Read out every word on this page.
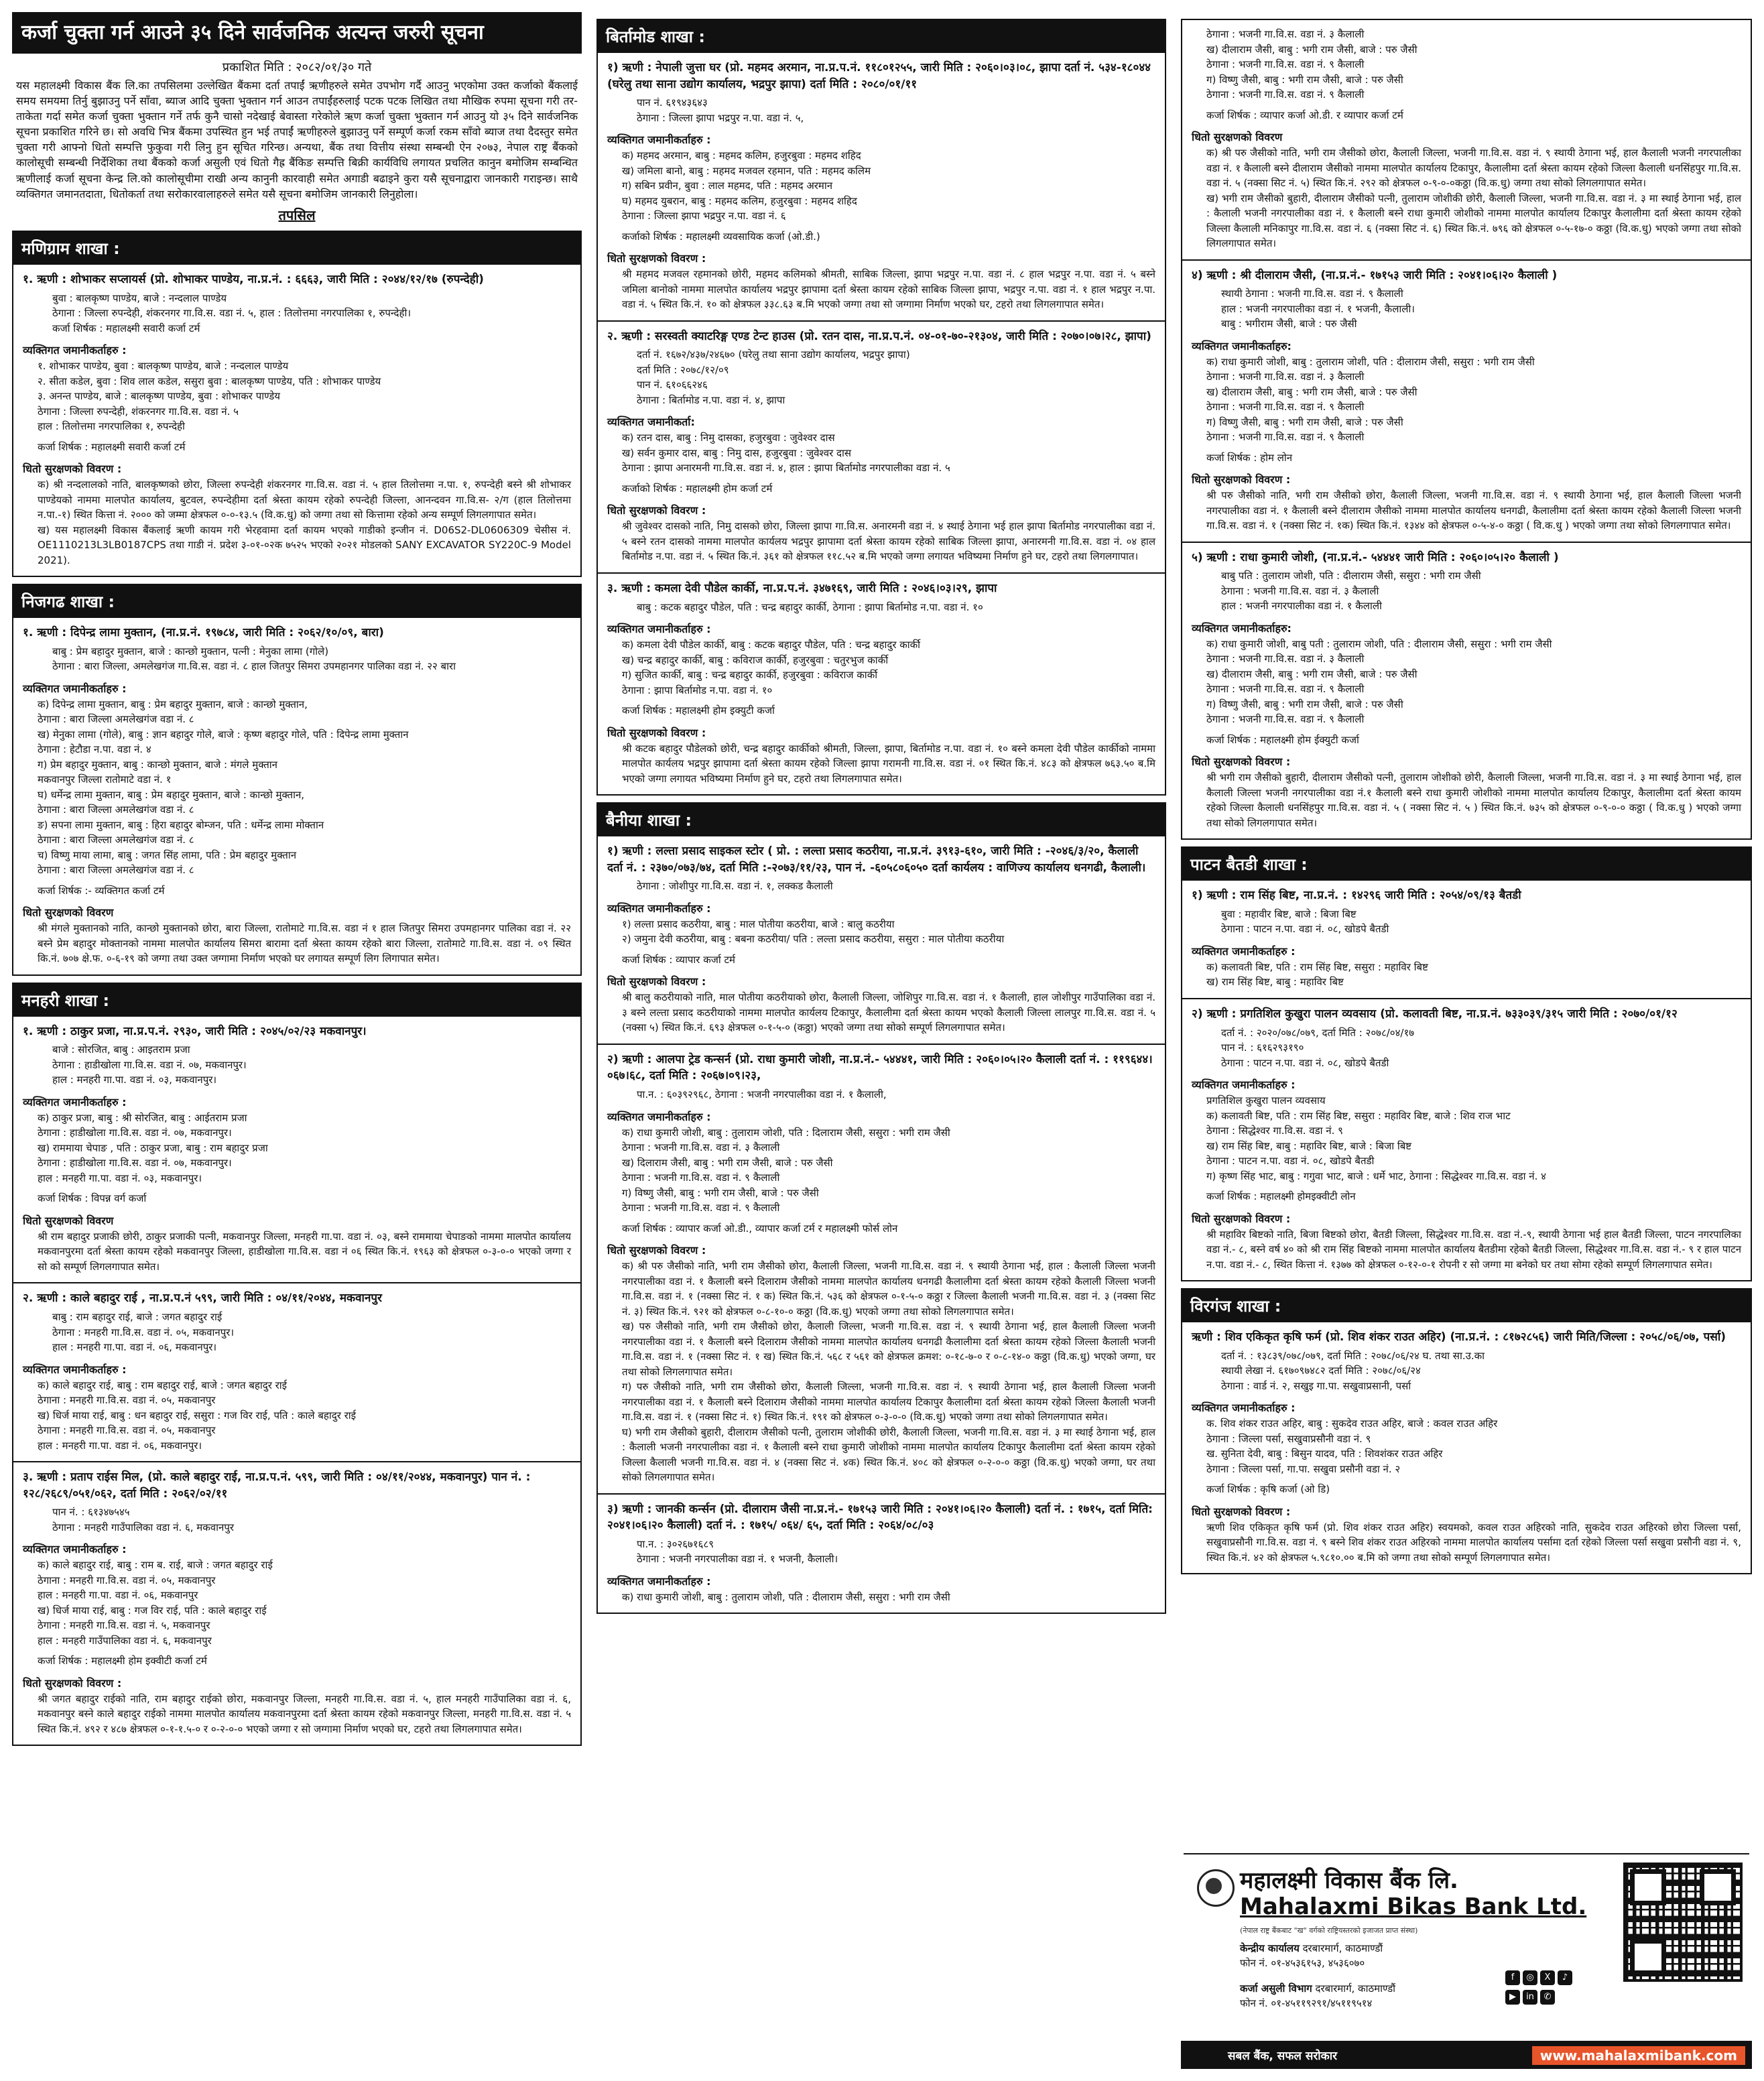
कर्जा चुक्ता गर्न आउने ३५ दिने सार्वजनिक अत्यन्त जरुरी सूचना
प्रकाशित मिति : २०८२/०१/३० गते
यस महालक्ष्मी विकास बैंक लि.का तपसिलमा उल्लेखित बैंकमा दर्ता तपाईं ऋणीहरुले समेत उपभोग गर्दै आउनु भएकोमा उक्त कर्जाको बैंकलाई समय समयमा तिर्नु बुझाउनु पर्ने साँवा, ब्याज आदि चुक्ता भुक्तान गर्न आउन तपाईंहरुलाई पटक पटक लिखित तथा मौखिक रुपमा सूचना गरी तर-ताकेता गर्दा समेत कर्जा चुक्ता भुक्तान गर्ने तर्फ कुनै चासो नदेखाई बेवास्ता गरेकोले ऋण कर्जा चुक्ता भुक्तान गर्न आउनु यो ३५ दिने सार्वजनिक सूचना प्रकाशित गरिने छ। सो अवधि भित्र बैंकमा उपस्थित हुन भई तपाईं ऋणीहरुले बुझाउनु पर्ने सम्पूर्ण कर्जा रकम साँवो ब्याज तथा दैदस्तुर समेत चुक्ता गरी आफ्नो धितो सम्पत्ति फुकुवा गरी लिनु हुन सूचित गरिन्छ। अन्यथा, बैंक तथा वित्तीय संस्था सम्बन्धी ऐन २०७३, नेपाल राष्ट्र बैंकको कालोसूची सम्बन्धी निर्देशिका तथा बैंकको कर्जा असुली एवं धितो गैह्र बैंकिङ सम्पत्ति बिक्री कार्यविधि लगायत प्रचलित कानुन बमोजिम सम्बन्धित ऋणीलाई कर्जा सूचना केन्द्र लि.को कालोसूचीमा राखी अन्य कानुनी कारवाही समेत अगाडी बढाइने कुरा यसै सूचनाद्वारा जानकारी गराइन्छ। साथै व्यक्तिगत जमानतदाता, धितोकर्ता तथा सरोकारवालाहरुले समेत यसै सूचना बमोजिम जानकारी लिनुहोला।
तपसिल
मणिग्राम शाखा :
१. ऋणी : शोभाकर सप्लायर्स (प्रो. शोभाकर पाण्डेय, ना.प्र.नं. : ६६६३, जारी मिति : २०४४/१२/१७ (रुपन्देही)
बुवा : बालकृष्ण पाण्डेय, बाजे : नन्दलाल पाण्डेय
ठेगाना : जिल्ला रुपन्देही, शंकरनगर गा.वि.स. वडा नं. ५, हाल : तिलोत्तमा नगरपालिका १, रुपन्देही।
कर्जा शिर्षक : महालक्ष्मी सवारी कर्जा टर्म
व्यक्तिगत जमानीकर्ताहरु :
१. शोभाकर पाण्डेय, बुवा : बालकृष्ण पाण्डेय, बाजे : नन्दलाल पाण्डेय
२. सीता कडेल, बुवा : शिव लाल कडेल, ससुरा बुवा : बालकृष्ण पाण्डेय, पति : शोभाकर पाण्डेय
३. अनन्त पाण्डेय, बाजे : बालकृष्ण पाण्डेय, बुवा : शोभाकर पाण्डेय
ठेगाना : जिल्ला रुपन्देही, शंकरनगर गा.वि.स. वडा नं. ५
हाल : तिलोत्तमा नगरपालिका १, रुपन्देही
कर्जा शिर्षक : महालक्ष्मी सवारी कर्जा टर्म
धितो सुरक्षणको विवरण :
क) श्री नन्दलालको नाति, बालकृष्णको छोरा, जिल्ला रुपन्देही शंकरनगर गा.वि.स. वडा नं. ५ हाल तिलोत्तमा न.पा. १, रुपन्देही बस्ने श्री शोभाकर पाण्डेयको नाममा मालपोत कार्यालय, बुटवल, रुपन्देहीमा दर्ता श्रेस्ता कायम रहेको रुपन्देही जिल्ला, आनन्दवन गा.वि.स- २/ग (हाल तिलोत्तमा न.पा.-१) स्थित कित्ता नं. २००० को जम्मा क्षेत्रफल ०-०-१३.५ (वि.क.धु) को जग्गा तथा सो कित्तामा रहेको अन्य सम्पूर्ण लिगलगापात समेत।
ख) यस महालक्ष्मी विकास बैंकलाई ऋणी कायम गरी भेरहवामा दर्ता कायम भएको गाडीको इन्जीन नं. D06S2-DL0606309 चेसीस नं. OE1110213L3LB0187CPS तथा गाडी नं. प्रदेश ३-०१-०२क ७५२५ भएको २०२१ मोडलको SANY EXCAVATOR SY220C-9 Model 2021).
निजगढ शाखा :
१. ऋणी : दिपेन्द्र लामा मुक्तान, (ना.प्र.नं. १९७८४, जारी मिति : २०६२/१०/०९, बारा)
बाबु : प्रेम बहादुर मुक्तान, बाजे : कान्छो मुक्तान, पत्नी : मेनुका लामा (गोले)
ठेगाना : बारा जिल्ला, अमलेखगंज गा.वि.स. वडा नं. ८ हाल जितपुर सिमरा उपमहानगर पालिका वडा नं. २२ बारा
व्यक्तिगत जमानीकर्ताहरु :
क) दिपेन्द्र लामा मुक्तान, बाबु : प्रेम बहादुर मुक्तान, बाजे : कान्छो मुक्तान,
ठेगाना : बारा जिल्ला अमलेखगंज वडा नं. ८
ख) मेनुका लामा (गोले), बाबु : ज्ञान बहादुर गोले, बाजे : कृष्ण बहादुर गोले, पति : दिपेन्द्र लामा मुक्तान
ठेगाना : हेटौडा न.पा. वडा नं. ४
ग) प्रेम बहादुर मुक्तान, बाबु : कान्छो मुक्तान, बाजे : मंगले मुक्तान
मकवानपुर जिल्ला रातोमाटे वडा नं. १
घ) धर्मेन्द्र लामा मुक्तान, बाबु : प्रेम बहादुर मुक्तान, बाजे : कान्छो मुक्तान,
ठेगाना : बारा जिल्ला अमलेखगंज वडा नं. ८
ङ) सपना लामा मुक्तान, बाबु : हिरा बहादुर बोम्जन, पति : धर्मेन्द्र लामा मोक्तान
ठेगाना : बारा जिल्ला अमलेखगंज वडा नं. ८
च) विष्णु माया लामा, बाबु : जगत सिंह लामा, पति : प्रेम बहादुर मुक्तान
ठेगाना : बारा जिल्ला अमलेखगंज वडा नं. ८
कर्जा शिर्षक :- व्यक्तिगत कर्जा टर्म
धितो सुरक्षणको विवरण
श्री मंगले मुक्तानको नाति, कान्छो मुक्तानको छोरा, बारा जिल्ला, रातोमाटे गा.वि.स. वडा नं १ हाल जितपुर सिमरा उपमहानगर पालिका वडा नं. २२ बस्ने प्रेम बहादुर मोक्तानको नाममा मालपोत कार्यालय सिमरा बारामा दर्ता श्रेस्ता कायम रहेको बारा जिल्ला, रातोमाटे गा.वि.स. वडा नं. ०९ स्थित कि.नं. ७०७ क्षे.फ. ०-६-१९ को जग्गा तथा उक्त जग्गामा निर्माण भएको घर लगायत सम्पूर्ण लिग लिगापात समेत।
मनहरी शाखा :
१. ऋणी : ठाकुर प्रजा, ना.प्र.प.नं. २९३०, जारी मिति : २०४५/०२/२३ मकवानपुर।
बाजे : सोरजित, बाबु : आइतराम प्रजा
ठेगाना : हाडीखोला गा.वि.स. वडा नं. ०७, मकवानपुर।
हाल : मनहरी गा.पा. वडा नं. ०३, मकवानपुर।
व्यक्तिगत जमानीकर्ताहरु :
क) ठाकुर प्रजा, बाबु : श्री सोरजित, बाबु : आईतराम प्रजा
ठेगाना : हाडीखोला गा.वि.स. वडा नं. ०७, मकवानपुर।
ख) राममाया चेपाङ , पति : ठाकुर प्रजा, बाबु : राम बहादुर प्रजा
ठेगाना : हाडीखोला गा.वि.स. वडा नं. ०७, मकवानपुर।
हाल : मनहरी गा.पा. वडा नं. ०३, मकवानपुर।
कर्जा शिर्षक : विपन्न वर्ग कर्जा
धितो सुरक्षणको विवरण
श्री राम बहादुर प्रजाकी छोरी, ठाकुर प्रजाकी पत्नी, मकवानपुर जिल्ला, मनहरी गा.पा. वडा नं. ०३, बस्ने राममाया चेपाङको नाममा मालपोत कार्यालय मकवानपुरमा दर्ता श्रेस्ता कायम रहेको मकवानपुर जिल्ला, हाडीखोला गा.वि.स. वडा नं ०६ स्थित कि.नं. १९६३ को क्षेत्रफल ०-३-०-० भएको जग्गा र सो को सम्पूर्ण लिगलगापात समेत।
२. ऋणी : काले बहादुर राई , ना.प्र.प.नं ५९९, जारी मिति : ०४/११/२०४४, मकवानपुर
बाबु : राम बहादुर राई, बाजे : जगत बहादुर राई
ठेगाना : मनहरी गा.वि.स. वडा नं. ०५, मकवानपुर।
हाल : मनहरी गा.पा. वडा नं. ०६, मकवानपुर।
व्यक्तिगत जमानीकर्ताहरु :
क) काले बहादुर राई, बाबु : राम बहादुर राई, बाजे : जगत बहादुर राई
ठेगाना : मनहरी गा.वि.स. वडा नं. ०५, मकवानपुर
ख) धिर्ज माया राई, बाबु : धन बहादुर राई, ससुरा : गज विर राई, पति : काले बहादुर राई
ठेगाना : मनहरी गा.वि.स. वडा नं. ०५, मकवानपुर
हाल : मनहरी गा.पा. वडा नं. ०६, मकवानपुर।
३. ऋणी : प्रताप राईस मिल, (प्रो. काले बहादुर राई, ना.प्र.प.नं. ५९९, जारी मिति : ०४/११/२०४४, मकवानपुर) पान नं. : १२८/२६८९/०५१/०६२, दर्ता मिति : २०६२/०२/११
पान नं. : ६१३४७५४५
ठेगाना : मनहरी गाउँपालिका वडा नं. ६, मकवानपुर
व्यक्तिगत जमानीकर्ताहरु :
क) काले बहादुर राई, बाबु : राम ब. राई, बाजे : जगत बहादुर राई
ठेगाना : मनहरी गा.वि.स. वडा नं. ०५, मकवानपुर
हाल : मनहरी गा.पा. वडा नं. ०६, मकवानपुर
ख) धिर्ज माया राई, बाबु : गज विर राई, पति : काले बहादुर राई
ठेगाना : मनहरी गा.वि.स. वडा नं. ५, मकवानपुर
हाल : मनहरी गाउँपालिका वडा नं. ६, मकवानपुर
कर्जा शिर्षक : महालक्ष्मी होम इक्वीटी कर्जा टर्म
धितो सुरक्षणको विवरण :
श्री जगत बहादुर राईको नाति, राम बहादुर राईको छोरा, मकवानपुर जिल्ला, मनहरी गा.वि.स. वडा नं. ५, हाल मनहरी गाउँपालिका वडा नं. ६, मकवानपुर बस्ने काले बहादुर राईको नाममा मालपोत कार्यालय मकवानपुरमा दर्ता श्रेस्ता कायम रहेको मकवानपुर जिल्ला, मनहरी गा.वि.स. वडा नं. ५ स्थित कि.नं. ४९२ र ४८७ क्षेत्रफल ०-१-१.५-० र ०-२-०-० भएको जग्गा र सो जग्गामा निर्माण भएको घर, टहरो तथा लिगलगापात समेत।
बिर्तामोड शाखा :
१) ऋणी : नेपाली जुत्ता घर (प्रो. महमद अरमान, ना.प्र.प.नं. ११८०१२५५, जारी मिति : २०६०।०३।०८, झापा दर्ता नं. ५३४-१८०४४ (घरेलु तथा साना उद्योग कार्यालय, भद्रपुर झापा) दर्ता मिति : २०८०/०१/११
पान नं. ६१९४३६४३
ठेगाना : जिल्ला झापा भद्रपुर न.पा. वडा नं. ५,
व्यक्तिगत जमानीकर्ताहरु :
क) महमद अरमान, बाबु : महमद कलिम, हजुरबुवा : महमद शहिद
ख) जमिला बानो, बाबु : महमद मजवल रहमान, पति : महमद कलिम
ग) सबिन प्रवीन, बुवा : लाल महमद, पति : महमद अरमान
घ) महमद युबरान, बाबु : महमद कलिम, हजुरबुवा : महमद शहिद
ठेगाना : जिल्ला झापा भद्रपुर न.पा. वडा नं. ६
कर्जाको शिर्षक : महालक्ष्मी व्यवसायिक कर्जा (ओ.डी.)
धितो सुरक्षणको विवरण :
श्री महमद मजवल रहमानको छोरी, महमद कलिमको श्रीमती, साबिक जिल्ला, झापा भद्रपुर न.पा. वडा नं. ८ हाल भद्रपुर न.पा. वडा नं. ५ बस्ने जमिला बानोको नाममा मालपोत कार्यालय भद्रपुर झापामा दर्ता श्रेस्ता कायम रहेको साबिक जिल्ला झापा, भद्रपुर न.पा. वडा नं. १ हाल भद्रपुर न.पा. वडा नं. ५ स्थित कि.नं. १० को क्षेत्रफल ३३८.६३ ब.मि भएको जग्गा तथा सो जग्गामा निर्माण भएको घर, टहरो तथा लिगलगापात समेत।
२. ऋणी : सरस्वती क्याटरिङ्ग एण्ड टेन्ट हाउस (प्रो. रतन दास, ना.प्र.प.नं. ०४-०१-७०-२१३०४, जारी मिति : २०७०।०७।२८, झापा)
दर्ता नं. १६७२/४३७/२४६७० (घरेलु तथा साना उद्योग कार्यालय, भद्रपुर झापा)
दर्ता मिति : २०७८/१२/०९
पान नं. ६१०६६२४६
ठेगाना : बिर्तामोड न.पा. वडा नं. ४, झापा
व्यक्तिगत जमानीकर्ता:
क) रतन दास, बाबु : निमु दासका, हजुरबुवा : जुवेश्वर दास
ख) सर्वन कुमार दास, बाबु : निमु दास, हजुरबुवा : जुवेश्वर दास
ठेगाना : झापा अनारमनी गा.वि.स. वडा नं. ४, हाल : झापा बिर्तामोड नगरपालीका वडा नं. ५
कर्जाको शिर्षक : महालक्ष्मी होम कर्जा टर्म
धितो सुरक्षणको विवरण :
श्री जुवेश्वर दासको नाति, निमु दासको छोरा, जिल्ला झापा गा.वि.स. अनारमनी वडा नं. ४ स्थाई ठेगाना भई हाल झापा बिर्तामोड नगरपालीका वडा नं. ५ बस्ने रतन दासको नाममा मालपोत कार्यलय भद्रपुर झापामा दर्ता श्रेस्ता कायम रहेको साबिक जिल्ला झापा, अनारमनी गा.वि.स. वडा नं. ०४ हाल बिर्तामोड न.पा. वडा नं. ५ स्थित कि.नं. ३६१ को क्षेत्रफल ११८.५२ ब.मि भएको जग्गा लगायत भविष्यमा निर्माण हुने घर, टहरो तथा लिगलगापात।
३. ऋणी : कमला देवी पौडेल कार्की, ना.प्र.प.नं. ३४७१६९, जारी मिति : २०४६।०३।२९, झापा
बाबु : कटक बहादुर पौडेल, पति : चन्द्र बहादुर कार्की, ठेगाना : झापा बिर्तामोड न.पा. वडा नं. १०
व्यक्तिगत जमानीकर्ताहरु :
क) कमला देवी पौडेल कार्की, बाबु : कटक बहादुर पौडेल, पति : चन्द्र बहादुर कार्की
ख) चन्द्र बहादुर कार्की, बाबु : कविराज कार्की, हजुरबुवा : चतुरभुज कार्की
ग) सुजित कार्की, बाबु : चन्द्र बहादुर कार्की, हजुरबुवा : कविराज कार्की
ठेगाना : झापा बिर्तामोड न.पा. वडा नं. १०
कर्जा शिर्षक : महालक्ष्मी होम इक्युटी कर्जा
धितो सुरक्षणको विवरण :
श्री कटक बहादुर पौडेलको छोरी, चन्द्र बहादुर कार्कीको श्रीमती, जिल्ला, झापा, बिर्तामोड न.पा. वडा नं. १० बस्ने कमला देवी पौडेल कार्कीको नाममा मालपोत कार्यलय भद्रपुर झापामा दर्ता श्रेस्ता कायम रहेको जिल्ला झापा गरामनी गा.वि.स. वडा नं. ०१ स्थित कि.नं. ४८३ को क्षेत्रफल ७६३.५० ब.मि भएको जग्गा लगायत भविष्यमा निर्माण हुने घर, टहरो तथा लिगलगापात समेत।
बैनीया शाखा :
१) ऋणी : लल्ता प्रसाद साइकल स्टोर ( प्रो. : लल्ता प्रसाद कठरीया, ना.प्र.नं. ३९१३-६१०, जारी मिति : -२०४६/३/२०, कैलाली दर्ता नं. : २३७०/०७३/७४, दर्ता मिति :-२०७३/११/२३, पान नं. -६०५८०६०५० दर्ता कार्यलय : वाणिज्य कार्यालय धनगढी, कैलाली।
ठेगाना : जोशीपुर गा.वि.स. वडा नं. १, लक्कड कैलाली
व्यक्तिगत जमानीकर्ताहरु :
१) लल्ता प्रसाद कठरीया, बाबु : माल पोतीया कठरीया, बाजे : बालु कठरीया
२) जमुना देवी कठरीया, बाबु : बबना कठरीया/ पति : लल्ता प्रसाद कठरीया, ससुरा : माल पोतीया कठरीया
कर्जा शिर्षक : व्यापार कर्जा टर्म
धितो सुरक्षणको विवरण :
श्री बालु कठरीयाको नाति, माल पोतीया कठरीयाको छोरा, कैलाली जिल्ला, जोशिपुर गा.वि.स. वडा नं. १ कैलाली, हाल जोशीपुर गाउँपालिका वडा नं. ३ बस्ने लल्ता प्रसाद कठरीयाको नाममा मालपोत कार्यलय टिकापुर, कैलालीमा दर्ता श्रेस्ता कायम भएको कैलाली जिल्ला लालपुर गा.वि.स. वडा नं. ५ (नक्सा ५) स्थित कि.नं. ६९३ क्षेत्रफल ०-१-५-० (कठ्ठा) भएको जग्गा तथा सोको सम्पूर्ण लिगलगापात समेत।
२) ऋणी : आलपा ट्रेड कन्सर्न (प्रो. राधा कुमारी जोशी, ना.प्र.नं.- ५४४४१, जारी मिति : २०६०।०५।२० कैलाली दर्ता नं. : ११९६४४।०६७।६८, दर्ता मिति : २०६७।०९।२३,
पा.न. : ६०३९२९६८, ठेगाना : भजनी नगरपालीका वडा नं. १ कैलाली,
व्यक्तिगत जमानीकर्ताहरु :
क) राधा कुमारी जोशी, बाबु : तुलाराम जोशी, पति : दिलाराम जैसी, ससुरा : भगी राम जैसी
ठेगाना : भजनी गा.वि.स. वडा नं. ३ कैलाली
ख) दिलाराम जैसी, बाबु : भगी राम जैसी, बाजे : परु जैसी
ठेगाना : भजनी गा.वि.स. वडा नं. ९ कैलाली
ग) विष्णु जैसी, बाबु : भगी राम जैसी, बाजे : परु जैसी
ठेगाना : भजनी गा.वि.स. वडा नं. ९ कैलाली
कर्जा शिर्षक : व्यापार कर्जा ओ.डी., व्यापार कर्जा टर्म र महालक्ष्मी फोर्स लोन
धितो सुरक्षणको विवरण :
क) श्री परु जैसीको नाति, भगी राम जैसीको छोरा, कैलाली जिल्ला, भजनी गा.वि.स. वडा नं. ९ स्थायी ठेगाना भई, हाल : कैलाली जिल्ला भजनी नगरपालीका वडा नं. १ कैलाली बस्ने दिलाराम जैसीको नाममा मालपोत कार्यालय धनगढी कैलालीमा दर्ता श्रेस्ता कायम रहेको कैलाली जिल्ला भजनी गा.वि.स. वडा नं. १ (नक्सा सिट नं. १ क) स्थित कि.नं. ५३६ को क्षेत्रफल ०-१-५-० कठ्ठा र जिल्ला कैलाली भजनी गा.वि.स. वडा नं. ३ (नक्सा सिट नं. ३) स्थित कि.नं. ९२१ को क्षेत्रफल ०-८-१०-० कठ्ठा (वि.क.धु) भएको जग्गा तथा सोको लिगलगापात समेत।
ख) परु जैसीको नाति, भगी राम जैसीको छोरा, कैलाली जिल्ला, भजनी गा.वि.स. वडा नं. ९ स्थायी ठेगाना भई, हाल कैलाली जिल्ला भजनी नगरपालीका वडा नं. १ कैलाली बस्ने दिलाराम जैसीको नाममा मालपोत कार्यालय धनगढी कैलालीमा दर्ता श्रेस्ता कायम रहेको जिल्ला कैलाली भजनी गा.वि.स. वडा नं. १ (नक्सा सिट नं. १ ख) स्थित कि.नं. ५६८ र ५६१ को क्षेत्रफल क्रमश: ०-१८-७-० र ०-८-१४-० कठ्ठा (वि.क.धु) भएको जग्गा, घर तथा सोको लिगलगापात समेत।
ग) परु जैसीको नाति, भगी राम जैसीको छोरा, कैलाली जिल्ला, भजनी गा.वि.स. वडा नं. ९ स्थायी ठेगाना भई, हाल कैलाली जिल्ला भजनी नगरपालीका वडा नं. १ कैलाली बस्ने दिलाराम जैसीको नाममा मालपोत कार्यालय टिकापुर कैलालीमा दर्ता श्रेस्ता कायम रहेको जिल्ला कैलाली भजनी गा.वि.स. वडा नं. १ (नक्सा सिट नं. १) स्थित कि.नं. १९१ को क्षेत्रफल ०-३-०-० (वि.क.धु) भएको जग्गा तथा सोको लिगलगापात समेत।
घ) भगी राम जैसीको बुहारी, दीलाराम जैसीको पत्नी, तुलाराम जोशीकी छोरी, कैलाली जिल्ला, भजनी गा.वि.स. वडा नं. ३ मा स्थाई ठेगाना भई, हाल : कैलाली भजनी नगरपालीका वडा नं. १ कैलाली बस्ने राधा कुमारी जोशीको नाममा मालपोत कार्यालय टिकापुर कैलालीमा दर्ता श्रेस्ता कायम रहेको जिल्ला कैलाली भजनी गा.वि.स. वडा नं. ४ (नक्सा सिट नं. ४क) स्थित कि.नं. ४०८ को क्षेत्रफल ०-२-०-० कठ्ठा (वि.क.धु) भएको जग्गा, घर तथा सोको लिगलगापात समेत।
३) ऋणी : जानकी कर्न्सन (प्रो. दीलाराम जैसी ना.प्र.नं.- १७१५३ जारी मिति : २०४१।०६।२० कैलाली) दर्ता नं. : १७१५, दर्ता मिति: २०४१।०६।२० कैलाली) दर्ता नं. : १७१५/ ०६४/ ६५, दर्ता मिति : २०६४/०८/०३
पा.न. : ३०२६७१६८९
ठेगाना : भजनी नगरपालीका वडा नं. १ भजनी, कैलाली।
व्यक्तिगत जमानीकर्ताहरु :
क) राधा कुमारी जोशी, बाबु : तुलाराम जोशी, पति : दीलाराम जैसी, ससुरा : भगी राम जैसी
ठेगाना : भजनी गा.वि.स. वडा नं. ३ कैलाली
ख) दीलाराम जैसी, बाबु : भगी राम जैसी, बाजे : परु जैसी
ठेगाना : भजनी गा.वि.स. वडा नं. ९ कैलाली
ग) विष्णु जैसी, बाबु : भगी राम जैसी, बाजे : परु जैसी
ठेगाना : भजनी गा.वि.स. वडा नं. ९ कैलाली
कर्जा शिर्षक : व्यापार कर्जा ओ.डी. र व्यापार कर्जा टर्म
धितो सुरक्षणको विवरण
क) श्री परु जैसीको नाति, भगी राम जैसीको छोरा, कैलाली जिल्ला, भजनी गा.वि.स. वडा नं. ९ स्थायी ठेगाना भई, हाल कैलाली भजनी नगरपालीका वडा नं. १ कैलाली बस्ने दीलाराम जैसीको नाममा मालपोत कार्यालय टिकापुर, कैलालीमा दर्ता श्रेस्ता कायम रहेको जिल्ला कैलाली धनसिंहपुर गा.वि.स. वडा नं. ५ (नक्सा सिट नं. ५) स्थित कि.नं. २९२ को क्षेत्रफल ०-९-०-०कठ्ठा (वि.क.धु) जग्गा तथा सोको लिगलगापात समेत।
ख) भगी राम जैसीको बुहारी, दीलाराम जैसीको पत्नी, तुलाराम जोशीकी छोरी, कैलाली जिल्ला, भजनी गा.वि.स. वडा नं. ३ मा स्थाई ठेगाना भई, हाल : कैलाली भजनी नगरपालीका वडा नं. १ कैलाली बस्ने राधा कुमारी जोशीको नाममा मालपोत कार्यालय टिकापुर कैलालीमा दर्ता श्रेस्ता कायम रहेको जिल्ला कैलाली मनिकापुर गा.वि.स. वडा नं. ६ (नक्सा सिट नं. ६) स्थित कि.नं. ७९६ को क्षेत्रफल ०-५-१७-० कठ्ठा (वि.क.धु) भएको जग्गा तथा सोको लिगलगापात समेत।
४) ऋणी : श्री दीलाराम जैसी, (ना.प्र.नं.- १७१५३ जारी मिति : २०४१।०६।२० कैलाली )
स्थायी ठेगाना : भजनी गा.वि.स. वडा नं. ९ कैलाली
हाल : भजनी नगरपालीका वडा नं. १ भजनी, कैलाली।
बाबु : भगीराम जैसी, बाजे : परु जैसी
व्यक्तिगत जमानीकर्ताहरु:
क) राधा कुमारी जोशी, बाबु : तुलाराम जोशी, पति : दीलाराम जैसी, ससुरा : भगी राम जैसी
ठेगाना : भजनी गा.वि.स. वडा नं. ३ कैलाली
ख) दीलाराम जैसी, बाबु : भगी राम जैसी, बाजे : परु जैसी
ठेगाना : भजनी गा.वि.स. वडा नं. ९ कैलाली
ग) विष्णु जैसी, बाबु : भगी राम जैसी, बाजे : परु जैसी
ठेगाना : भजनी गा.वि.स. वडा नं. ९ कैलाली
कर्जा शिर्षक : होम लोन
धितो सुरक्षणको विवरण :
श्री परु जैसीको नाति, भगी राम जैसीको छोरा, कैलाली जिल्ला, भजनी गा.वि.स. वडा नं. ९ स्थायी ठेगाना भई, हाल कैलाली जिल्ला भजनी नगरपालीका वडा नं. १ कैलाली बस्ने दीलाराम जैसीको नाममा मालपोत कार्यालय धनगढी, कैलालीमा दर्ता श्रेस्ता कायम रहेको कैलाली जिल्ला भजनी गा.वि.स. वडा नं. १ (नक्सा सिट नं. १क) स्थित कि.नं. १३४४ को क्षेत्रफल ०-५-४-० कठ्ठा ( वि.क.धु ) भएको जग्गा तथा सोको लिगलगापात समेत।
५) ऋणी : राधा कुमारी जोशी, (ना.प्र.नं.- ५४४४१ जारी मिति : २०६०।०५।२० कैलाली )
बाबु पति : तुलाराम जोशी, पति : दीलाराम जैसी, ससुरा : भगी राम जैसी
ठेगाना : भजनी गा.वि.स. वडा नं. ३ कैलाली
हाल : भजनी नगरपालीका वडा नं. १ कैलाली
व्यक्तिगत जमानीकर्ताहरु:
क) राधा कुमारी जोशी, बाबु पती : तुलाराम जोशी, पति : दीलाराम जैसी, ससुरा : भगी राम जैसी
ठेगाना : भजनी गा.वि.स. वडा नं. ३ कैलाली
ख) दीलाराम जैसी, बाबु : भगी राम जैसी, बाजे : परु जैसी
ठेगाना : भजनी गा.वि.स. वडा नं. ९ कैलाली
ग) विष्णु जैसी, बाबु : भगी राम जैसी, बाजे : परु जैसी
ठेगाना : भजनी गा.वि.स. वडा नं. ९ कैलाली
कर्जा शिर्षक : महालक्ष्मी होम ईक्युटी कर्जा
धितो सुरक्षणको विवरण :
श्री भगी राम जैसीको बुहारी, दीलाराम जैसीको पत्नी, तुलाराम जोशीको छोरी, कैलाली जिल्ला, भजनी गा.वि.स. वडा नं. ३ मा स्थाई ठेगाना भई, हाल कैलाली जिल्ला भजनी नगरपालीका वडा नं.१ कैलाली बस्ने राधा कुमारी जोशीको नाममा मालपोत कार्यालय टिकापुर, कैलालीमा दर्ता श्रेस्ता कायम रहेको जिल्ला कैलाली धनसिंहपुर गा.वि.स. वडा नं. ५ ( नक्सा सिट नं. ५ ) स्थित कि.नं. ७३५ को क्षेत्रफल ०-९-०-० कठ्ठा ( वि.क.धु ) भएको जग्गा तथा सोको लिगलगापात समेत।
पाटन बैतडी शाखा :
१) ऋणी : राम सिंह बिष्ट, ना.प्र.नं. : १४२९६ जारी मिति : २०५४/०९/१३ बैतडी
बुवा : महावीर बिष्ट, बाजे : बिजा बिष्ट
ठेगाना : पाटन न.पा. वडा नं. ०८, खोडपे बैतडी
व्यक्तिगत जमानीकर्ताहरु :
क) कलावती बिष्ट, पति : राम सिंह बिष्ट, ससुरा : महाविर बिष्ट
ख) राम सिंह बिष्ट, बाबु : महाविर बिष्ट
२) ऋणी : प्रगतिशिल कुखुरा पालन व्यवसाय (प्रो. कलावती बिष्ट, ना.प्र.नं. ७३३०३९/३१५ जारी मिति : २०७०/०१/१२
दर्ता नं. : २०२०/०७८/०७९, दर्ता मिति : २०७८/०४/१७
पान नं. : ६१६२९३१९०
ठेगाना : पाटन न.पा. वडा नं. ०८, खोडपे बैतडी
व्यक्तिगत जमानीकर्ताहरु :
प्रगतिशिल कुखुरा पालन व्यवसाय
क) कलावती बिष्ट, पति : राम सिंह बिष्ट, ससुरा : महाविर बिष्ट, बाजे : शिव राज भाट
ठेगाना : सिद्धेश्वर गा.वि.स. वडा नं. ९
ख) राम सिंह बिष्ट, बाबु : महाविर बिष्ट, बाजे : बिजा बिष्ट
ठेगाना : पाटन न.पा. वडा नं. ०८, खोडपे बैतडी
ग) कृष्ण सिंह भाट, बाबु : गगुवा भाट, बाजे : धर्मे भाट, ठेगाना : सिद्धेश्वर गा.वि.स. वडा नं. ४
कर्जा शिर्षक : महालक्ष्मी होमइक्वीटी लोन
धितो सुरक्षणको विवरण :
श्री महाविर बिष्टको नाति, बिजा बिष्टको छोरा, बैतडी जिल्ला, सिद्धेश्वर गा.वि.स. वडा नं.-९, स्थायी ठेगाना भई हाल बैतडी जिल्ला, पाटन नगरपालिका वडा नं.- ८, बस्ने वर्ष ४० को श्री राम सिंह बिष्टको नाममा मालपोत कार्यालय बैतडीमा रहेको बैतडी जिल्ला, सिद्धेश्वर गा.वि.स. वडा नं.- ९ र हाल पाटन न.पा. वडा नं.- ८, स्थित कित्ता नं. १३७७ को क्षेत्रफल ०-१२-०-१ रोपनी र सो जग्गा मा बनेको घर तथा सोमा रहेको सम्पूर्ण लिगलगापात समेत।
विरगंज शाखा :
ऋणी : शिव एकिकृत कृषि फर्म (प्रो. शिव शंकर राउत अहिर) (ना.प्र.नं. : ८१७२८५६) जारी मिति/जिल्ला : २०५८/०६/०७, पर्सा)
दर्ता नं. : १३८३९/०७८/०७९, दर्ता मिति : २०७८/०६/२४ घ. तथा सा.उ.का
स्थायी लेखा नं. ६१७०९७४८२ दर्ता मिति : २०७८/०६/२४
ठेगाना : वार्ड नं. २, सखुइ गा.पा. सखुवाप्रसानी, पर्सा
व्यक्तिगत जमानीकर्ताहरु :
क. शिव शंकर राउत अहिर, बाबु : सुकदेव राउत अहिर, बाजे : कवल राउत अहिर
ठेगाना : जिल्ला पर्सा, सखुवाप्रसौनी वडा नं. ९
ख. सुनिता देवी, बाबु : बिसुन यादव, पति : शिवशंकर राउत अहिर
ठेगाना : जिल्ला पर्सा, गा.पा. सखुवा प्रसौनी वडा नं. २
कर्जा शिर्षक : कृषि कर्जा (ओ डि)
धितो सुरक्षणको विवरण :
ऋणी शिव एकिकृत कृषि फर्म (प्रो. शिव शंकर राउत अहिर) स्वयमको, कवल राउत अहिरको नाति, सुकदेव राउत अहिरको छोरा जिल्ला पर्सा, सखुवाप्रसौनी गा.वि.स. वडा नं. ९ बस्ने शिव शंकर राउत अहिरको नाममा मालपोत कार्यालय पर्सामा दर्ता रहेको जिल्ला पर्सा सखुवा प्रसौनी वडा नं. ९, स्थित कि.नं. ४२ को क्षेत्रफल ५.९८१०.०० ब.मि को जग्गा तथा सोको सम्पूर्ण लिगलगापात समेत।
महालक्ष्मी विकास बैंक लि.
Mahalaxmi Bikas Bank Ltd.
(नेपाल राष्ट्र बैंकबाट "ख" वर्गको राष्ट्रियस्तरको इजाजत प्राप्त संस्था)
केन्द्रीय कार्यालय दरबारमार्ग, काठमाण्डौं
फोन नं. ०१-४५३६१५३, ४५३६०७०
कर्जा असुली विभाग दरबारमार्ग, काठमाण्डौं
फोन नं. ०१-४५११९२९१/४५११९५१४
f ◎ X ♪▶ in ✆
सबल बैंक, सफल सरोकार	www.mahalaxmibank.com
